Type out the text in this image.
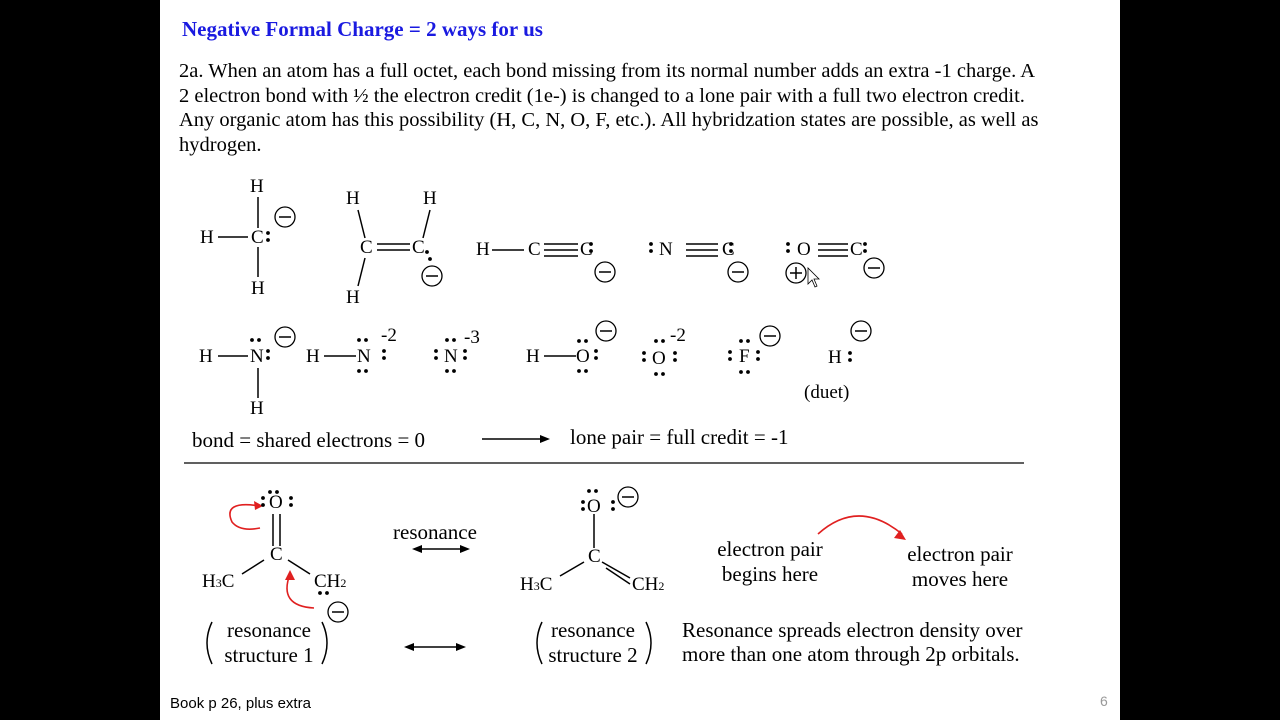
Negative Formal Charge = 2 ways for us
2a. When an atom has a full octet, each bond missing from its normal number adds an extra -1 charge. A 2 electron bond with ½ the electron credit (1e-) is changed to a lone pair with a full two electron credit. Any organic atom has this possibility (H, C, N, O, F, etc.). All hybridzation states are possible, as well as hydrogen.
H
H C
H
H	H
C C
H
H C C	N	C	O C
H N
H
H N
-2
N
-3
H O	O
-2
F	H
(duet)
bond = shared electrons = 0	lone pair = full credit = -1
O
C
H3C	CH2
resonance
O
C
H3C	CH2
electron pair
begins here
electron pair
moves here
resonance
structure 1
resonance
structure 2
Resonance spreads electron density over
more than one atom through 2p orbitals.
Book p 26, plus extra	6
